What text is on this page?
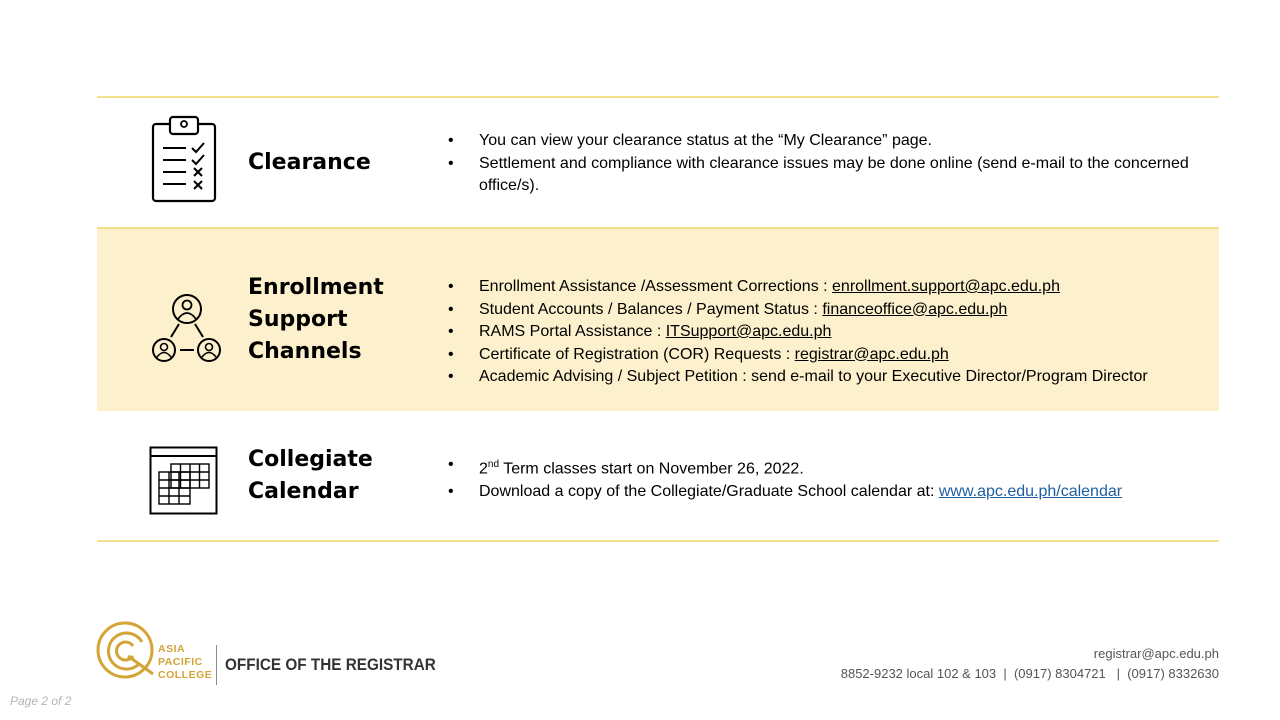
Clearance
• You can view your clearance status at the “My Clearance” page.
• Settlement and compliance with clearance issues may be done online (send e-mail to the concerned office/s).
Enrollment Support Channels
• Enrollment Assistance /Assessment Corrections : enrollment.support@apc.edu.ph
• Student Accounts / Balances / Payment Status : financeoffice@apc.edu.ph
• RAMS Portal Assistance : ITSupport@apc.edu.ph
• Certificate of Registration (COR) Requests : registrar@apc.edu.ph
• Academic Advising / Subject Petition : send e-mail to your Executive Director/Program Director
Collegiate Calendar
• 2nd Term classes start on November 26, 2022.
• Download a copy of the Collegiate/Graduate School calendar at: www.apc.edu.ph/calendar
ASIA
PACIFIC
COLLEGE
OFFICE OF THE REGISTRAR
registrar@apc.edu.ph
8852-9232 local 102 & 103  |  (0917) 8304721   |  (0917) 8332630
Page 2 of 2
